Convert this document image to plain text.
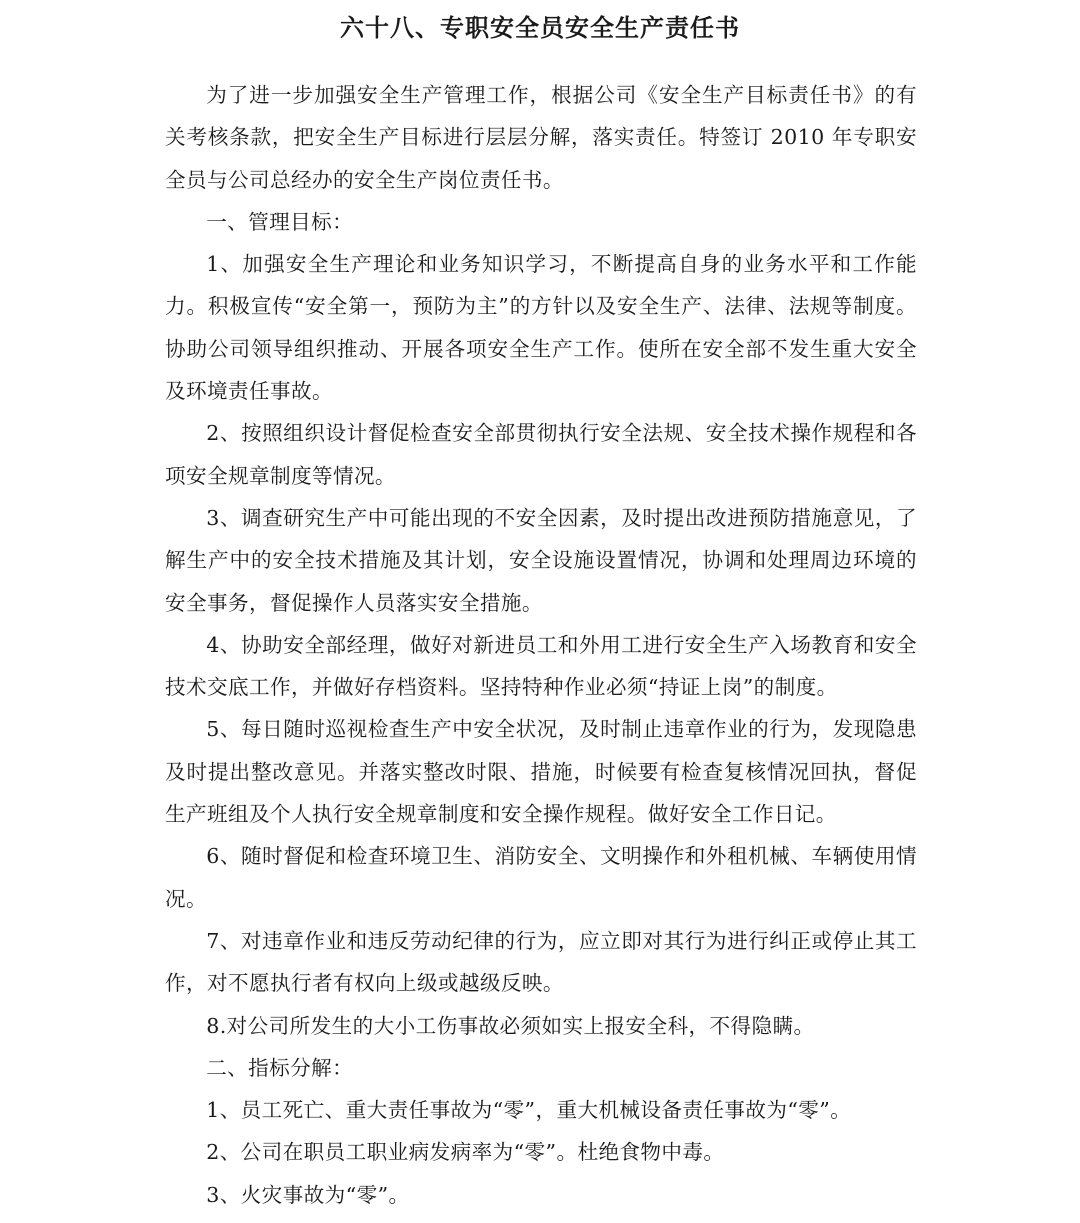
六十八、专职安全员安全生产责任书

为了进一步加强安全生产管理工作，根据公司《安全生产目标责任书》的有关考核条款，把安全生产目标进行层层分解，落实责任。特签订 2010 年专职安全员与公司总经办的安全生产岗位责任书。

一、管理目标：

1、加强安全生产理论和业务知识学习，不断提高自身的业务水平和工作能力。积极宣传“安全第一，预防为主”的方针以及安全生产、法律、法规等制度。协助公司领导组织推动、开展各项安全生产工作。使所在安全部不发生重大安全及环境责任事故。

2、按照组织设计督促检查安全部贯彻执行安全法规、安全技术操作规程和各项安全规章制度等情况。

3、调查研究生产中可能出现的不安全因素，及时提出改进预防措施意见，了解生产中的安全技术措施及其计划，安全设施设置情况，协调和处理周边环境的安全事务，督促操作人员落实安全措施。

4、协助安全部经理，做好对新进员工和外用工进行安全生产入场教育和安全技术交底工作，并做好存档资料。坚持特种作业必须“持证上岗”的制度。

5、每日随时巡视检查生产中安全状况，及时制止违章作业的行为，发现隐患及时提出整改意见。并落实整改时限、措施，时候要有检查复核情况回执，督促生产班组及个人执行安全规章制度和安全操作规程。做好安全工作日记。

6、随时督促和检查环境卫生、消防安全、文明操作和外租机械、车辆使用情况。

7、对违章作业和违反劳动纪律的行为，应立即对其行为进行纠正或停止其工作，对不愿执行者有权向上级或越级反映。

8.对公司所发生的大小工伤事故必须如实上报安全科，不得隐瞒。

二、指标分解：

1、员工死亡、重大责任事故为“零”，重大机械设备责任事故为“零”。

2、公司在职员工职业病发病率为“零”。杜绝食物中毒。

3、火灾事故为“零”。
